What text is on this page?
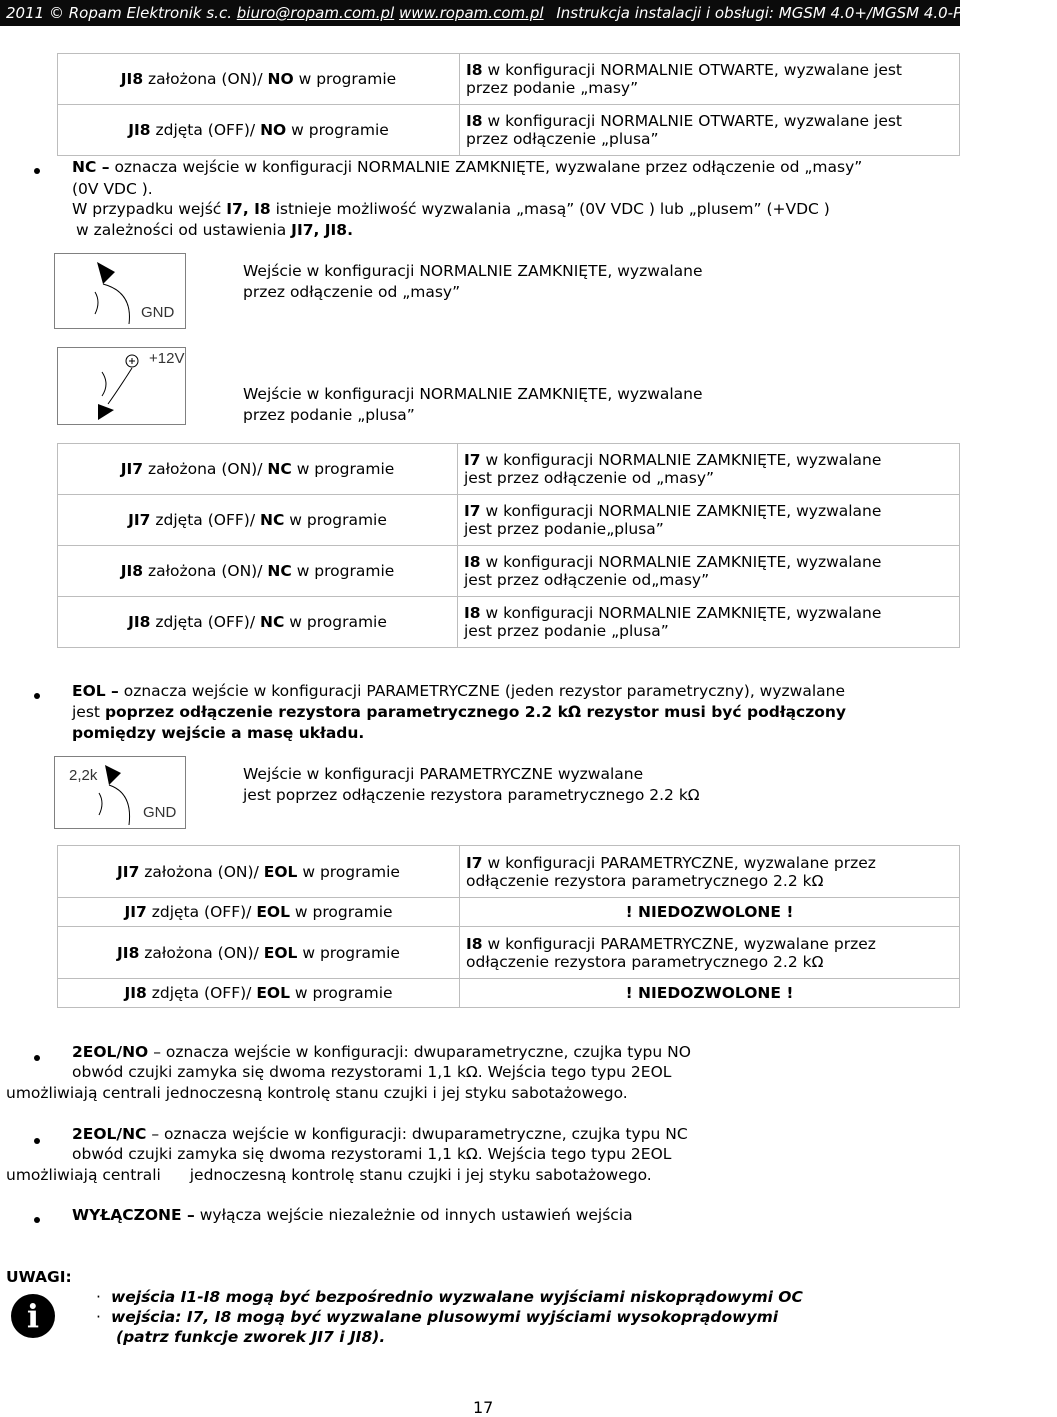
2011 © Ropam Elektronik s.c. biuro@ropam.com.pl www.ropam.com.pl Instrukcja instalacji i obsługi: MGSM 4.0+/MGSM 4.0-PS+ v.3.6S PL
JI8 założona (ON)/ NO w programie	I8 w konfiguracji NORMALNIE OTWARTE, wyzwalane jest
przez podanie „masy”
JI8 zdjęta (OFF)/ NO w programie	I8 w konfiguracji NORMALNIE OTWARTE, wyzwalane jest
przez odłączenie „plusa”
NC – oznacza wejście w konfiguracji NORMALNIE ZAMKNIĘTE, wyzwalane przez odłączenie od „masy”
(0V VDC ).
W przypadku wejść I7, I8 istnieje możliwość wyzwalania „masą” (0V VDC ) lub „plusem” (+VDC )
w zależności od ustawienia JI7, JI8.
GND
Wejście w konfiguracji NORMALNIE ZAMKNIĘTE, wyzwalane
przez odłączenie od „masy”
+12V
Wejście w konfiguracji NORMALNIE ZAMKNIĘTE, wyzwalane
przez podanie „plusa”
JI7 założona (ON)/ NC w programie	I7 w konfiguracji NORMALNIE ZAMKNIĘTE, wyzwalane
jest przez odłączenie od „masy”
JI7 zdjęta (OFF)/ NC w programie	I7 w konfiguracji NORMALNIE ZAMKNIĘTE, wyzwalane
jest przez podanie„plusa”
JI8 założona (ON)/ NC w programie	I8 w konfiguracji NORMALNIE ZAMKNIĘTE, wyzwalane
jest przez odłączenie od„masy”
JI8 zdjęta (OFF)/ NC w programie	I8 w konfiguracji NORMALNIE ZAMKNIĘTE, wyzwalane
jest przez podanie „plusa”
EOL – oznacza wejście w konfiguracji PARAMETRYCZNE (jeden rezystor parametryczny), wyzwalane
jest poprzez odłączenie rezystora parametrycznego 2.2 kΩ rezystor musi być podłączony
pomiędzy wejście a masę układu.
2,2k
GND
Wejście w konfiguracji PARAMETRYCZNE wyzwalane
jest poprzez odłączenie rezystora parametrycznego 2.2 kΩ
JI7 założona (ON)/ EOL w programie	I7 w konfiguracji PARAMETRYCZNE, wyzwalane przez
odłączenie rezystora parametrycznego 2.2 kΩ
JI7 zdjęta (OFF)/ EOL w programie	! NIEDOZWOLONE !
JI8 założona (ON)/ EOL w programie	I8 w konfiguracji PARAMETRYCZNE, wyzwalane przez
odłączenie rezystora parametrycznego 2.2 kΩ
JI8 zdjęta (OFF)/ EOL w programie	! NIEDOZWOLONE !
2EOL/NO – oznacza wejście w konfiguracji: dwuparametryczne, czujka typu NO
obwód czujki zamyka się dwoma rezystorami 1,1 kΩ. Wejścia tego typu 2EOL
umożliwiają centrali jednoczesną kontrolę stanu czujki i jej styku sabotażowego.
2EOL/NC – oznacza wejście w konfiguracji: dwuparametryczne, czujka typu NC
obwód czujki zamyka się dwoma rezystorami 1,1 kΩ. Wejścia tego typu 2EOL
umożliwiają centrali jednoczesną kontrolę stanu czujki i jej styku sabotażowego.
WYŁĄCZONE – wyłącza wejście niezależnie od innych ustawień wejścia
UWAGI:
i	· wejścia I1-I8 mogą być bezpośrednio wyzwalane wyjściami niskoprądowymi OC
· wejścia: I7, I8 mogą być wyzwalane plusowymi wyjściami wysokoprądowymi
(patrz funkcje zworek JI7 i JI8).
17
